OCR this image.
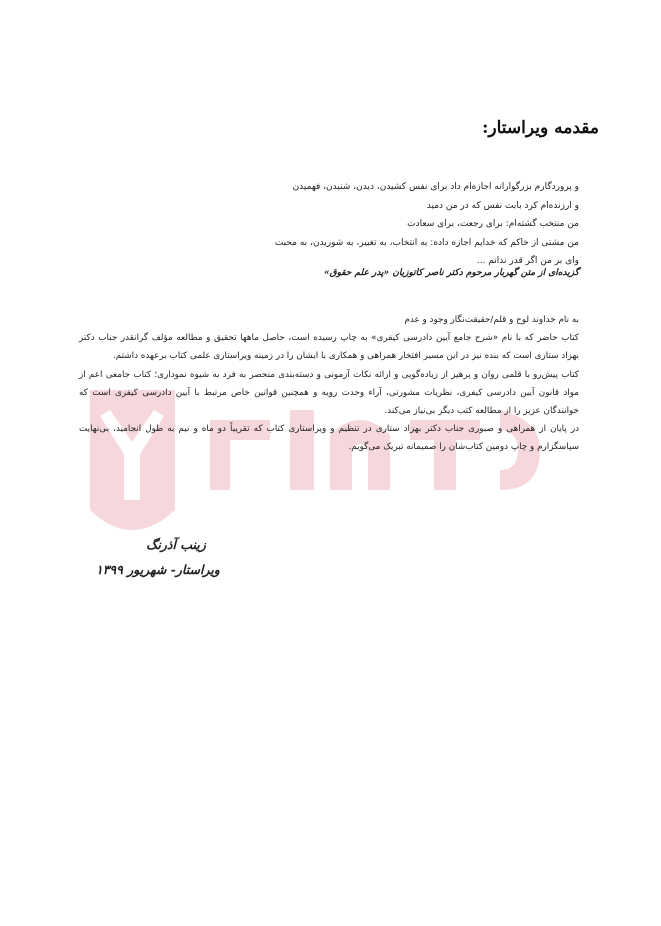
مقدمه ویراستار:
و پروردگارم بزرگوارانه اجازه‌ام داد برای نفس کشیدن، دیدن، شنیدن، فهمیدن
و ارزندە‌ام کرد بابت نفس که در من دمید
من منتخب گشته‌ام: برای رجعت، برای سعادت
من مشتی از خاکم که خدایم اجازه داده: به انتخاب، به تغییر، به شوریدن، به محبت
وای بر من اگر قدر ندانم ...
گزیده‌ای از متن گهربار مرحوم دکتر ناصر کاتوزیان «پدر علم حقوق»

به نام خداوند لوح و قلم/حقیقت‌نگار وجود و عدم

کتاب حاضر که با نام «شرح جامع آیین دادرسی کیفری» به چاپ رسیده است، حاصل ماهها تحقیق و مطالعه مؤلف گرانقدر جناب دکتر بهزاد ستاری است که بنده نیز در این مسیر افتخار همراهی و همکاری با ایشان را در زمینه ویراستاری علمی کتاب برعهده داشتم.

کتاب پیش‌رو با قلمی روان و پرهیز از زیاده‌گویی و ارائه نکات آزمونی و دسته‌بندی منحصر به فرد به شیوه نموداری؛ کتاب جامعی اعم از مواد قانون آیین دادرسی کیفری، نظریات مشورتی، آراء وحدت رویه و همچنین قوانین خاص مرتبط با آیین دادرسی کیفری است که خوانندگان عزیز را از مطالعه کتب دیگر بی‌نیاز می‌کند.

در پایان از همراهی و صبوری جناب دکتر بهزاد ستاری در تنظیم و ویراستاری کتاب که تقریباً دو ماه و نیم به طول انجامید، بی‌نهایت سپاسگزارم و چاپ دومین کتاب‌شان را صمیمانه تبریک می‌گویم.

زینب آذرنگ
ویراستار- شهریور ۱۳۹۹
